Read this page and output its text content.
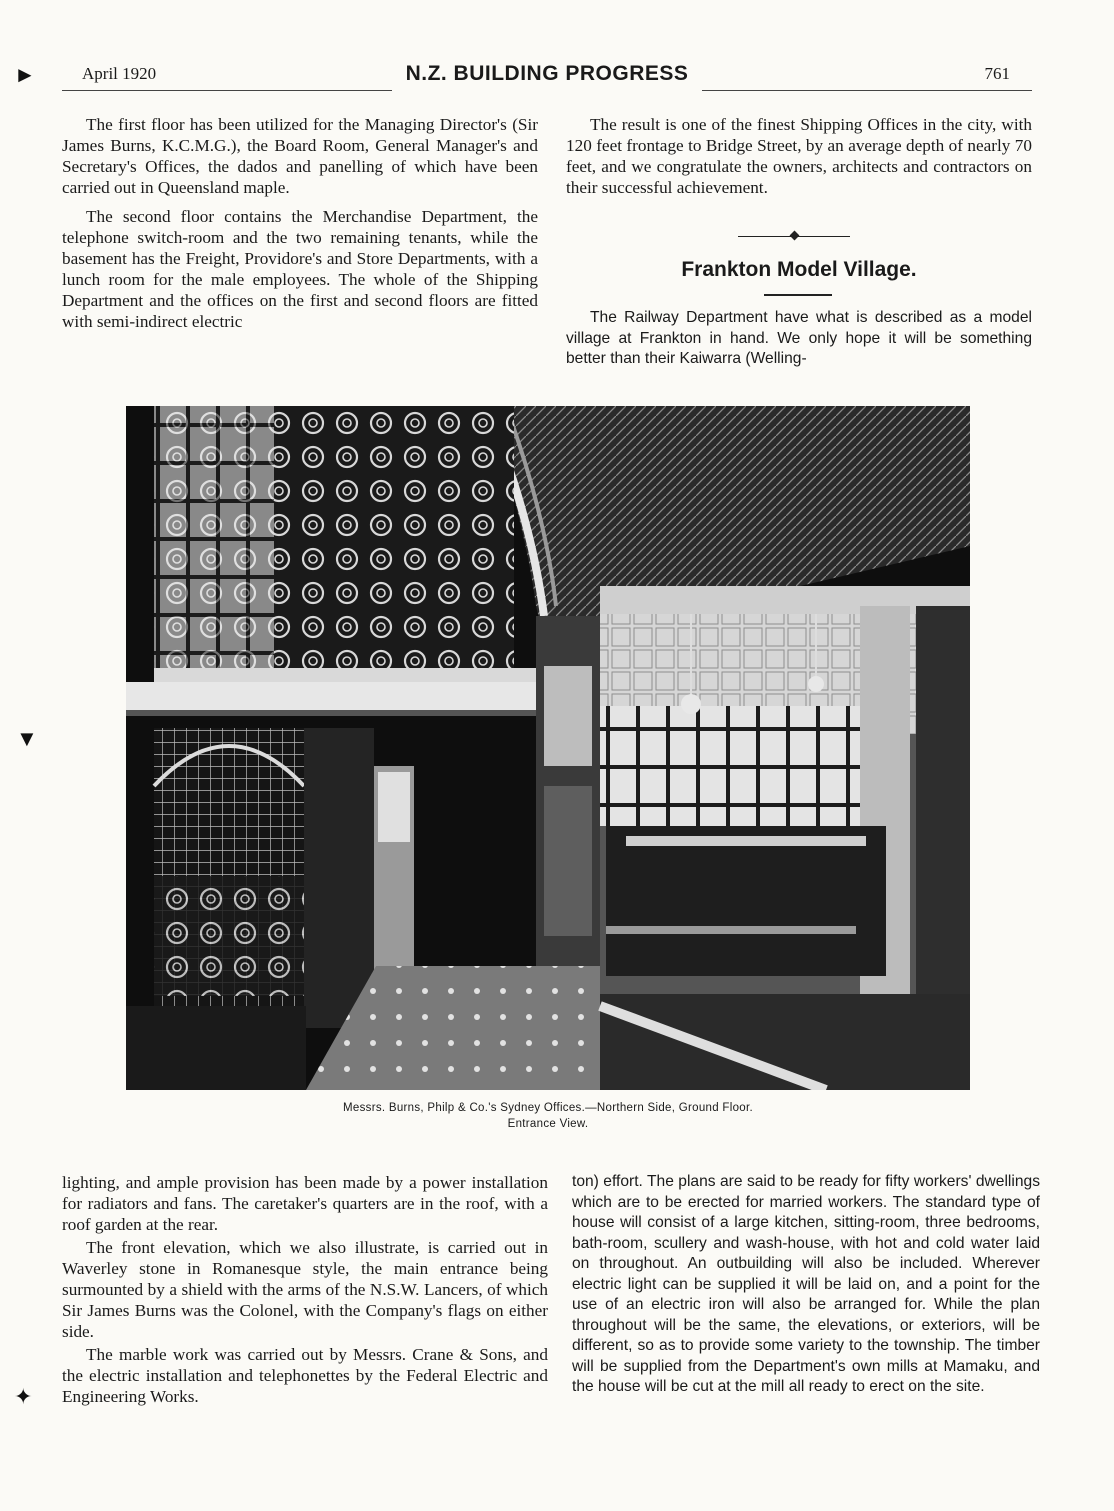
►
▼
✦
April 1920	N.Z. BUILDING PROGRESS	761

The first floor has been utilized for the Managing Director's (Sir James Burns, K.C.M.G.), the Board Room, General Manager's and Secretary's Offices, the dados and panelling of which have been carried out in Queensland maple.

The second floor contains the Merchandise Department, the telephone switch-room and the two remaining tenants, while the basement has the Freight, Providore's and Store Departments, with a lunch room for the male employees. The whole of the Shipping Department and the offices on the first and second floors are fitted with semi-indirect electric

The result is one of the finest Shipping Offices in the city, with 120 feet frontage to Bridge Street, by an average depth of nearly 70 feet, and we congratulate the owners, architects and contractors on their successful achievement.

Frankton Model Village.

The Railway Department have what is described as a model village at Frankton in hand. We only hope it will be something better than their Kaiwarra (Welling-

Messrs. Burns, Philp & Co.'s Sydney Offices.—Northern Side, Ground Floor.
Entrance View.

lighting, and ample provision has been made by a power installation for radiators and fans. The caretaker's quarters are in the roof, with a roof garden at the rear.

The front elevation, which we also illustrate, is carried out in Waverley stone in Romanesque style, the main entrance being surmounted by a shield with the arms of the N.S.W. Lancers, of which Sir James Burns was the Colonel, with the Company's flags on either side.

The marble work was carried out by Messrs. Crane & Sons, and the electric installation and telephonettes by the Federal Electric and Engineering Works.

ton) effort. The plans are said to be ready for fifty workers' dwellings which are to be erected for married workers. The standard type of house will consist of a large kitchen, sitting-room, three bedrooms, bath-room, scullery and wash-house, with hot and cold water laid on throughout. An outbuilding will also be included. Wherever electric light can be supplied it will be laid on, and a point for the use of an electric iron will also be arranged for. While the plan throughout will be the same, the elevations, or exteriors, will be different, so as to provide some variety to the township. The timber will be supplied from the Department's own mills at Mamaku, and the house will be cut at the mill all ready to erect on the site.
